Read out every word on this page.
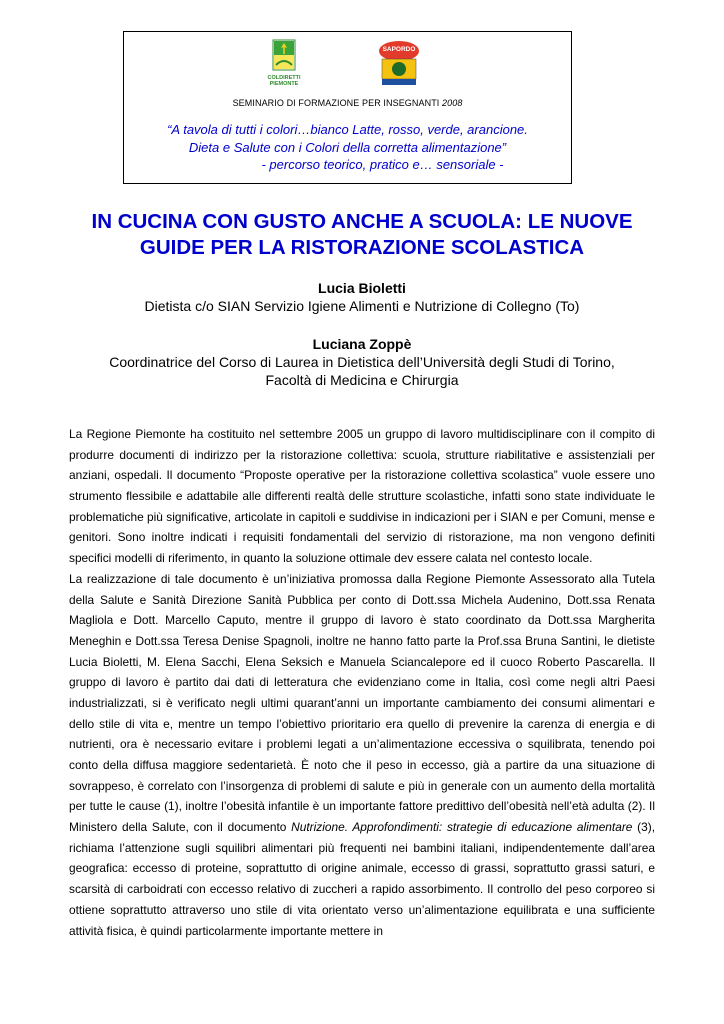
COLDIRETTI PIEMONTE
SAPORDO
SEMINARIO DI FORMAZIONE PER INSEGNANTI 2008
“A tavola di tutti i colori…bianco Latte, rosso, verde, arancione.
Dieta e Salute con i Colori della corretta alimentazione”
- percorso teorico, pratico e… sensoriale -
IN CUCINA CON GUSTO ANCHE A SCUOLA: LE NUOVE
GUIDE PER LA RISTORAZIONE SCOLASTICA
Lucia Bioletti
Dietista c/o SIAN Servizio Igiene Alimenti e Nutrizione di Collegno (To)
Luciana Zoppè
Coordinatrice del Corso di Laurea in Dietistica dell’Università degli Studi di Torino,
Facoltà di Medicina e Chirurgia

La Regione Piemonte ha costituito nel settembre 2005 un gruppo di lavoro multidisciplinare con il compito di produrre documenti di indirizzo per la ristorazione collettiva: scuola, strutture riabilitative e assistenziali per anziani, ospedali. Il documento “Proposte operative per la ristorazione collettiva scolastica” vuole essere uno strumento flessibile e adattabile alle differenti realtà delle strutture scolastiche, infatti sono state individuate le problematiche più significative, articolate in capitoli e suddivise in indicazioni per i SIAN e per Comuni, mense e genitori. Sono inoltre indicati i requisiti fondamentali del servizio di ristorazione, ma non vengono definiti specifici modelli di riferimento, in quanto la soluzione ottimale dev essere calata nel contesto locale.

La realizzazione di tale documento è un’iniziativa promossa dalla Regione Piemonte Assessorato alla Tutela della Salute e Sanità Direzione Sanità Pubblica per conto di Dott.ssa Michela Audenino, Dott.ssa Renata Magliola e Dott. Marcello Caputo, mentre il gruppo di lavoro è stato coordinato da Dott.ssa Margherita Meneghin e Dott.ssa Teresa Denise Spagnoli, inoltre ne hanno fatto parte la Prof.ssa Bruna Santini, le dietiste Lucia Bioletti, M. Elena Sacchi, Elena Seksich e Manuela Sciancalepore ed il cuoco Roberto Pascarella. Il gruppo di lavoro è partito dai dati di letteratura che evidenziano come in Italia, così come negli altri Paesi industrializzati, si è verificato negli ultimi quarant’anni un importante cambiamento dei consumi alimentari e dello stile di vita e, mentre un tempo l’obiettivo prioritario era quello di prevenire la carenza di energia e di nutrienti, ora è necessario evitare i problemi legati a un’alimentazione eccessiva o squilibrata, tenendo poi conto della diffusa maggiore sedentarietà. È noto che il peso in eccesso, già a partire da una situazione di sovrappeso, è correlato con l’insorgenza di problemi di salute e più in generale con un aumento della mortalità per tutte le cause (1), inoltre l’obesità infantile è un importante fattore predittivo dell’obesità nell’età adulta (2). Il Ministero della Salute, con il documento Nutrizione. Approfondimenti: strategie di educazione alimentare (3), richiama l’attenzione sugli squilibri alimentari più frequenti nei bambini italiani, indipendentemente dall’area geografica: eccesso di proteine, soprattutto di origine animale, eccesso di grassi, soprattutto grassi saturi, e scarsità di carboidrati con eccesso relativo di zuccheri a rapido assorbimento. Il controllo del peso corporeo si ottiene soprattutto attraverso uno stile di vita orientato verso un’alimentazione equilibrata e una sufficiente attività fisica, è quindi particolarmente importante mettere in
